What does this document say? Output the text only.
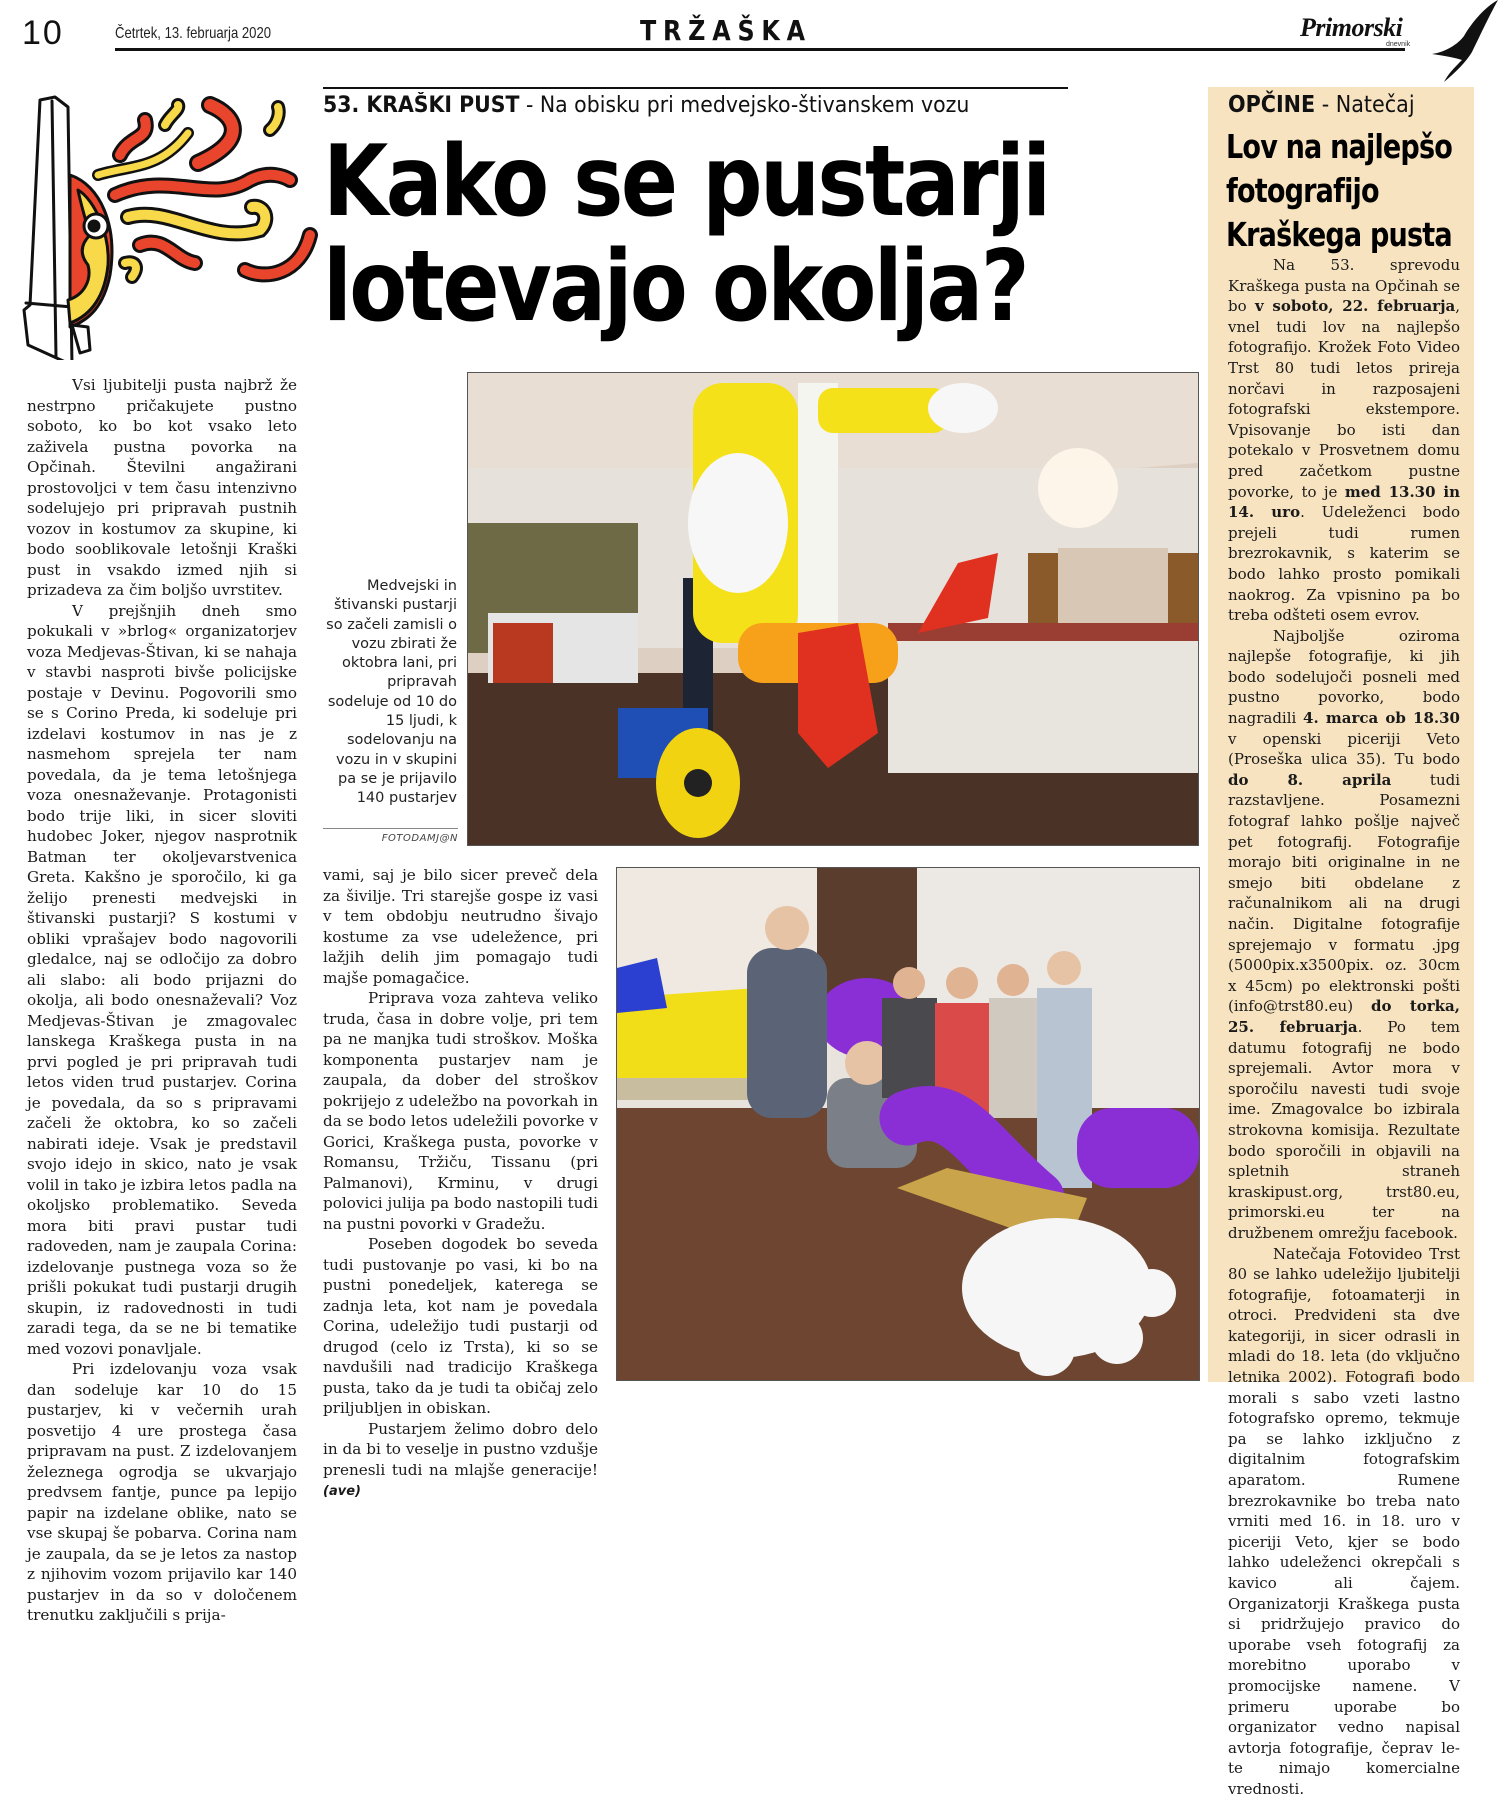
10	Četrtek, 13. februarja 2020	TRŽAŠKA	Primorski
dnevnik
53. KRAŠKI PUST - Na obisku pri medvejsko-štivanskem vozu
Kako se pustarji
lotevajo okolja?

Vsi ljubitelji pusta najbrž že nestrpno pričakujete pustno soboto, ko bo kot vsako leto zaživela pustna povorka na Opčinah. Številni angažirani prostovoljci v tem času intenzivno sodelujejo pri pripravah pustnih vozov in kostumov za skupine, ki bodo sooblikovale letošnji Kraški pust in vsakdo izmed njih si prizadeva za čim boljšo uvrstitev.

V prejšnjih dneh smo pokukali v »brlog« organizatorjev voza Medjevas-Štivan, ki se nahaja v stavbi nasproti bivše policijske postaje v Devinu. Pogovorili smo se s Corino Preda, ki sodeluje pri izdelavi kostumov in nas je z nasmehom sprejela ter nam povedala, da je tema letošnjega voza onesnaževanje. Protagonisti bodo trije liki, in sicer sloviti hudobec Joker, njegov nasprotnik Batman ter okoljevarstvenica Greta. Kakšno je sporočilo, ki ga želijo prenesti medvejski in štivanski pustarji? S kostumi v obliki vprašajev bodo nagovorili gledalce, naj se odločijo za dobro ali slabo: ali bodo prijazni do okolja, ali bodo onesnaževali? Voz Medjevas-Štivan je zmagovalec lanskega Kraškega pusta in na prvi pogled je pri pripravah tudi letos viden trud pustarjev. Corina je povedala, da so s pripravami začeli že oktobra, ko so začeli nabirati ideje. Vsak je predstavil svojo idejo in skico, nato je vsak volil in tako je izbira letos padla na okoljsko problematiko. Seveda mora biti pravi pustar tudi radoveden, nam je zaupala Corina: izdelovanje pustnega voza so že prišli pokukat tudi pustarji drugih skupin, iz radovednosti in tudi zaradi tega, da se ne bi tematike med vozovi ponavljale.

Pri izdelovanju voza vsak dan sodeluje kar 10 do 15 pustarjev, ki v večernih urah posvetijo 4 ure prostega časa pripravam na pust. Z izdelovanjem železnega ogrodja se ukvarjajo predvsem fantje, punce pa lepijo papir na izdelane oblike, nato se vse skupaj še pobarva. Corina nam je zaupala, da se je letos za nastop z njihovim vozom prijavilo kar 140 pustarjev in da so v določenem trenutku zaključili s prija-

Medvejski in štivanski pustarji so začeli zamisli o vozu zbirati že oktobra lani, pri pripravah sodeluje od 10 do 15 ljudi, k sodelovanju na vozu in v skupini pa se je prijavilo 140 pustarjev
FOTODAMJ@N

vami, saj je bilo sicer preveč dela za šivilje. Tri starejše gospe iz vasi v tem obdobju neutrudno šivajo kostume za vse udeležence, pri lažjih delih jim pomagajo tudi majše pomagačice.

Priprava voza zahteva veliko truda, časa in dobre volje, pri tem pa ne manjka tudi stroškov. Moška komponenta pustarjev nam je zaupala, da dober del stroškov pokrijejo z udeležbo na povorkah in da se bodo letos udeležili povorke v Gorici, Kraškega pusta, povorke v Romansu, Tržiču, Tissanu (pri Palmanovi), Krminu, v drugi polovici julija pa bodo nastopili tudi na pustni povorki v Gradežu.

Poseben dogodek bo seveda tudi pustovanje po vasi, ki bo na pustni ponedeljek, katerega se zadnja leta, kot nam je povedala Corina, udeležijo tudi pustarji od drugod (celo iz Trsta), ki so se navdušili nad tradicijo Kraškega pusta, tako da je tudi ta običaj zelo priljubljen in obiskan.

Pustarjem želimo dobro delo in da bi to veselje in pustno vzdušje prenesli tudi na mlajše generacije! (ave)

OPČINE - Natečaj
Lov na najlepšo fotografijo Kraškega pusta

Na 53. sprevodu Kraškega pusta na Opčinah se bo v soboto, 22. februarja, vnel tudi lov na najlepšo fotografijo. Krožek Foto Video Trst 80 tudi letos prireja norčavi in razposajeni fotografski ekstempore. Vpisovanje bo isti dan potekalo v Prosvetnem domu pred začetkom pustne povorke, to je med 13.30 in 14. uro. Udeleženci bodo prejeli tudi rumen brezrokavnik, s katerim se bodo lahko prosto pomikali naokrog. Za vpisnino pa bo treba odšteti osem evrov.

Najboljše oziroma najlepše fotografije, ki jih bodo sodelujoči posneli med pustno povorko, bodo nagradili 4. marca ob 18.30 v openski piceriji Veto (Proseška ulica 35). Tu bodo do 8. aprila tudi razstavljene. Posamezni fotograf lahko pošlje največ pet fotografij. Fotografije morajo biti originalne in ne smejo biti obdelane z računalnikom ali na drugi način. Digitalne fotografije sprejemajo v formatu .jpg (5000pix.x3500pix. oz. 30cm x 45cm) po elektronski pošti (info@trst80.eu) do torka, 25. februarja. Po tem datumu fotografij ne bodo sprejemali. Avtor mora v sporočilu navesti tudi svoje ime. Zmagovalce bo izbirala strokovna komisija. Rezultate bodo sporočili in objavili na spletnih straneh kraskipust.org, trst80.eu, primorski.eu ter na družbenem omrežju facebook.

Natečaja Fotovideo Trst 80 se lahko udeležijo ljubitelji fotografije, fotoamaterji in otroci. Predvideni sta dve kategoriji, in sicer odrasli in mladi do 18. leta (do vključno letnika 2002). Fotografi bodo morali s sabo vzeti lastno fotografsko opremo, tekmuje pa se lahko izključno z digitalnim fotografskim aparatom. Rumene brezrokavnike bo treba nato vrniti med 16. in 18. uro v piceriji Veto, kjer se bodo lahko udeleženci okrepčali s kavico ali čajem. Organizatorji Kraškega pusta si pridržujejo pravico do uporabe vseh fotografij za morebitno uporabo v promocijske namene. V primeru uporabe bo organizator vedno napisal avtorja fotografije, čeprav le-te nimajo komercialne vrednosti.
